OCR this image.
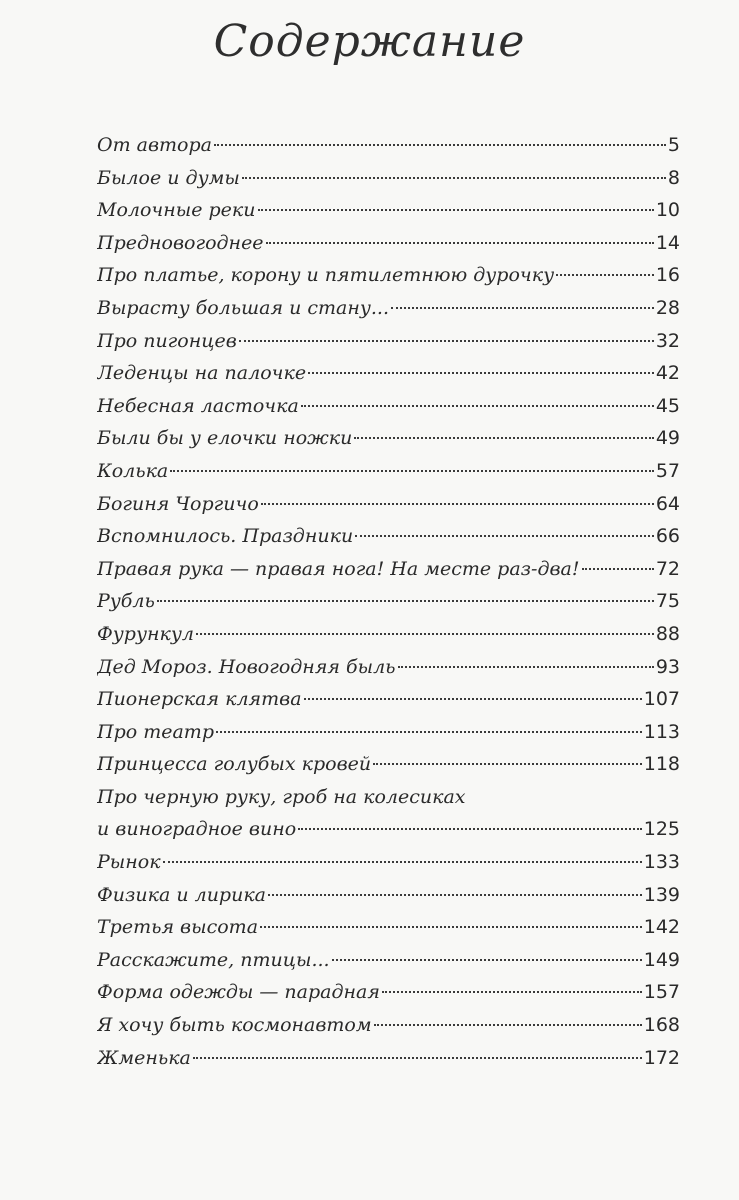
Содержание
От автора	5
Былое и думы	8
Молочные реки	10
Предновогоднее	14
Про платье, корону и пятилетнюю дурочку	16
Вырасту большая и стану...	28
Про пигонцев	32
Леденцы на палочке	42
Небесная ласточка	45
Были бы у елочки ножки	49
Колька	57
Богиня Чоргичо	64
Вспомнилось. Праздники	66
Правая рука — правая нога! На месте раз-два!	72
Рубль	75
Фурункул	88
Дед Мороз. Новогодняя быль	93
Пионерская клятва	107
Про театр	113
Принцесса голубых кровей	118
Про черную руку, гроб на колесиках
и виноградное вино	125
Рынок	133
Физика и лирика	139
Третья высота	142
Расскажите, птицы...	149
Форма одежды — парадная	157
Я хочу быть космонавтом	168
Жменька	172
